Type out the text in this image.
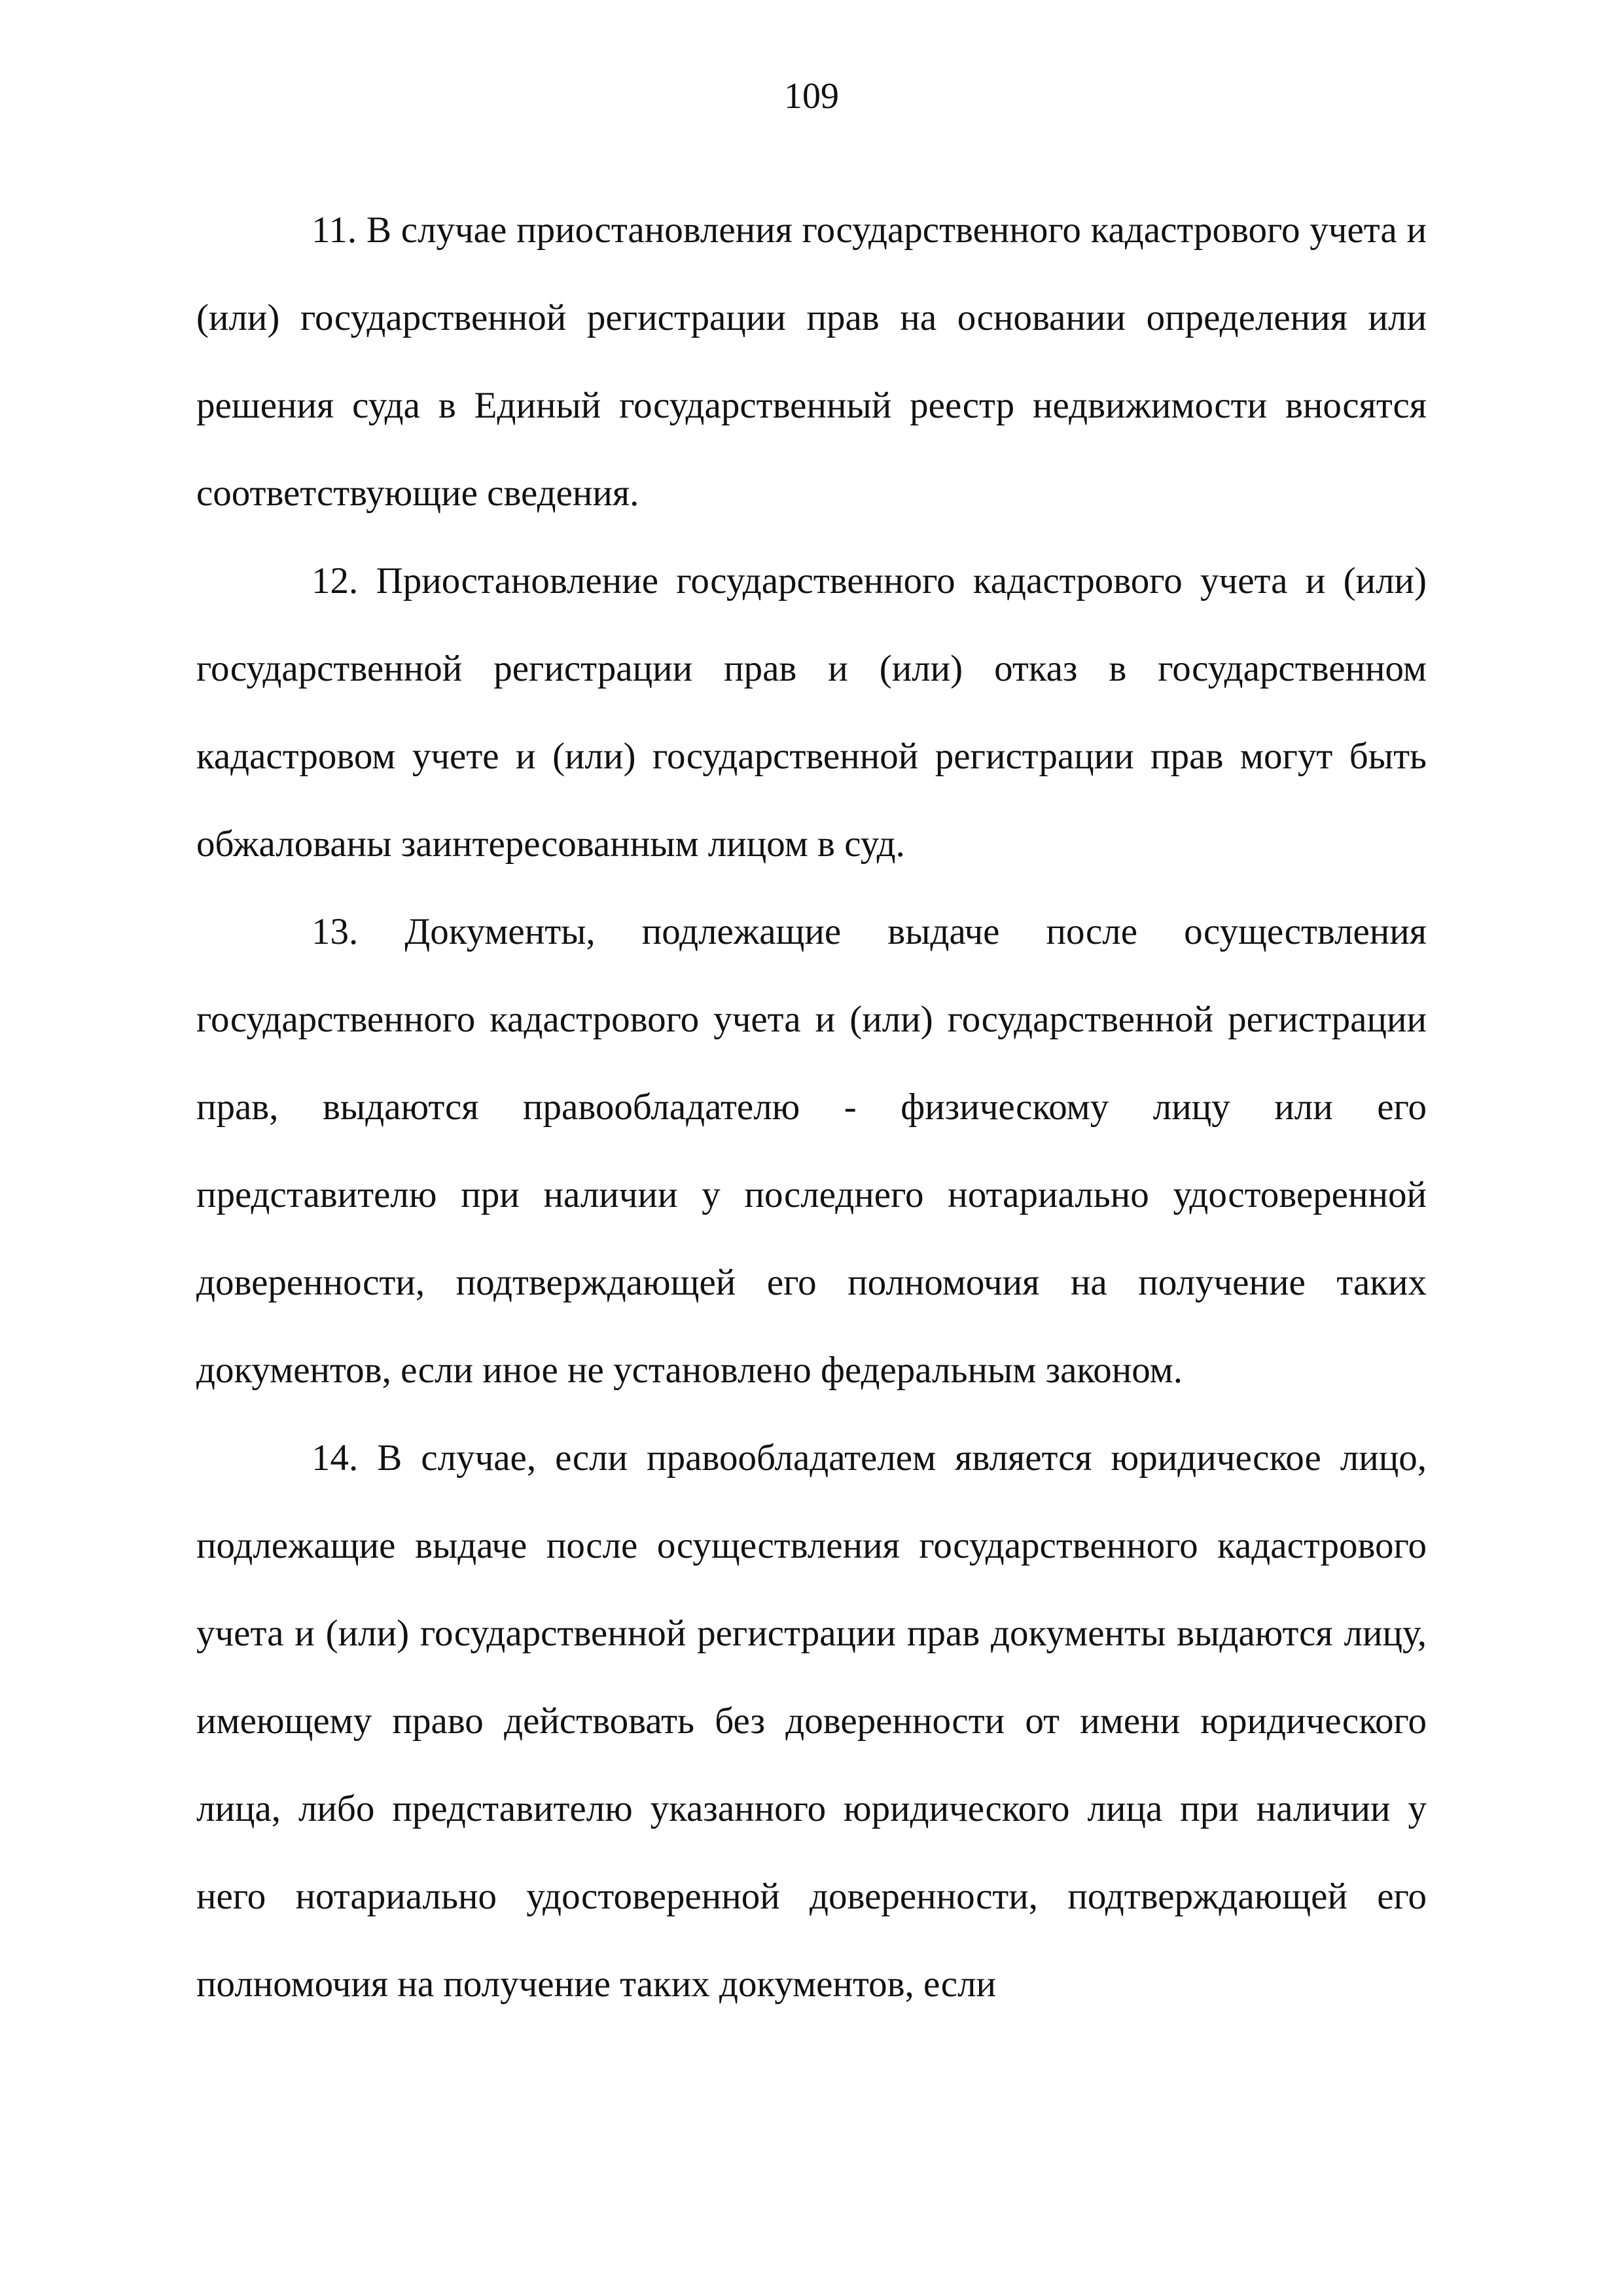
109

11. В случае приостановления государственного кадастрового учета и (или) государственной регистрации прав на основании определения или решения суда в Единый государственный реестр недвижимости вносятся соответствующие сведения.

12. Приостановление государственного кадастрового учета и (или) государственной регистрации прав и (или) отказ в государственном кадастровом учете и (или) государственной регистрации прав могут быть обжалованы заинтересованным лицом в суд.

13. Документы, подлежащие выдаче после осуществления государственного кадастрового учета и (или) государственной регистрации прав, выдаются правообладателю - физическому лицу или его представителю при наличии у последнего нотариально удостоверенной доверенности, подтверждающей его полномочия на получение таких документов, если иное не установлено федеральным законом.

14. В случае, если правообладателем является юридическое лицо, подлежащие выдаче после осуществления государственного кадастрового учета и (или) государственной регистрации прав документы выдаются лицу, имеющему право действовать без доверенности от имени юридического лица, либо представителю указанного юридического лица при наличии у него нотариально удостоверенной доверенности, подтверждающей его полномочия на получение таких документов, если
